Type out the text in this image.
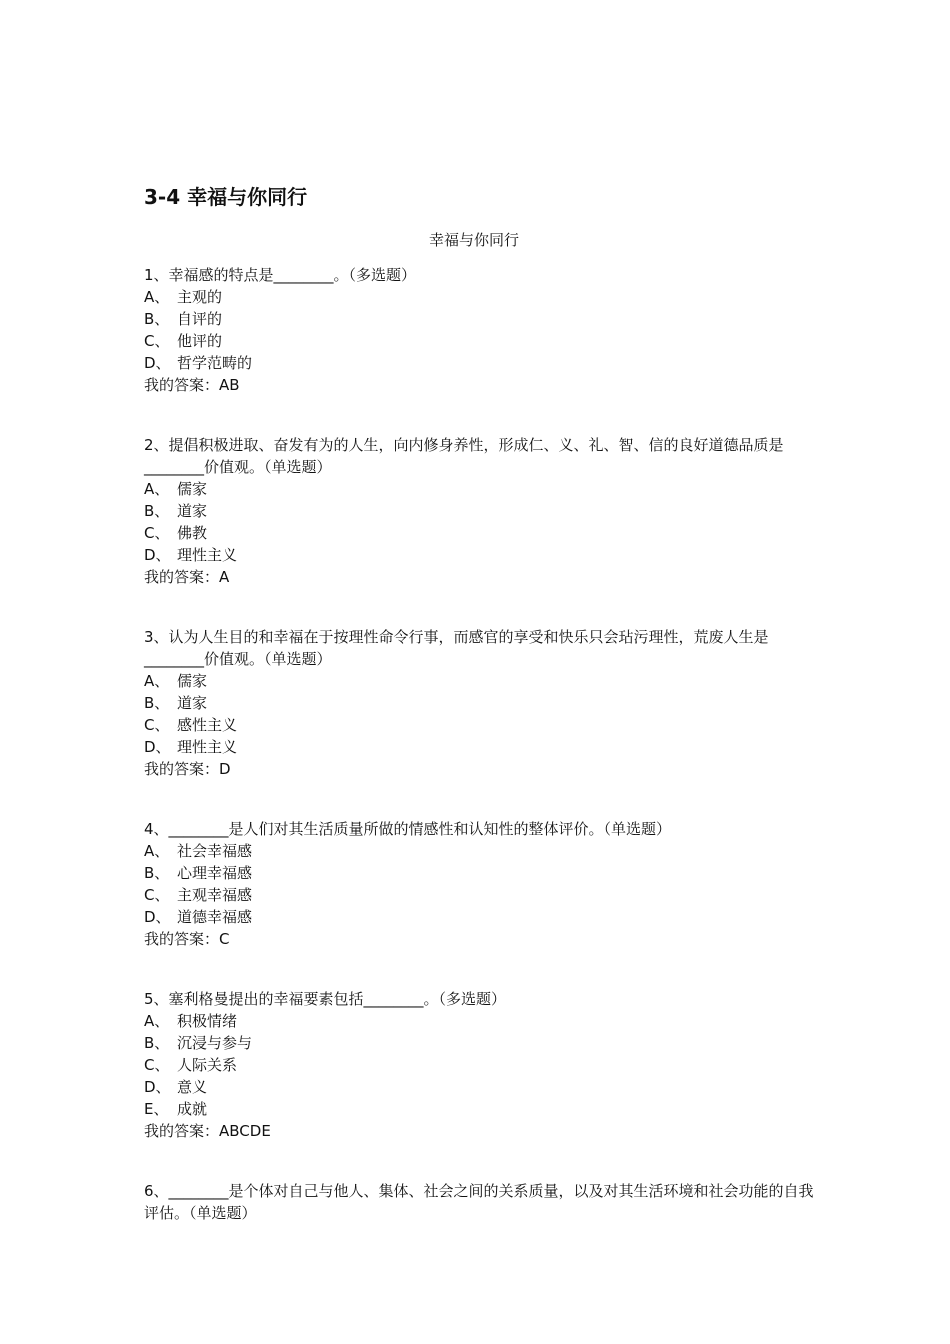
3-4 幸福与你同行
幸福与你同行
1、幸福感的特点是________。（多选题）
A、 主观的
B、 自评的
C、 他评的
D、 哲学范畴的
我的答案：AB
2、提倡积极进取、奋发有为的人生，向内修身养性，形成仁、义、礼、智、信的良好道德品质是________价值观。（单选题）
A、 儒家
B、 道家
C、 佛教
D、 理性主义
我的答案：A
3、认为人生目的和幸福在于按理性命令行事，而感官的享受和快乐只会玷污理性，荒废人生是________价值观。（单选题）
A、 儒家
B、 道家
C、 感性主义
D、 理性主义
我的答案：D
4、________是人们对其生活质量所做的情感性和认知性的整体评价。（单选题）
A、 社会幸福感
B、 心理幸福感
C、 主观幸福感
D、 道德幸福感
我的答案：C
5、塞利格曼提出的幸福要素包括________。（多选题）
A、 积极情绪
B、 沉浸与参与
C、 人际关系
D、 意义
E、 成就
我的答案：ABCDE
6、________是个体对自己与他人、集体、社会之间的关系质量，以及对其生活环境和社会功能的自我评估。（单选题）
